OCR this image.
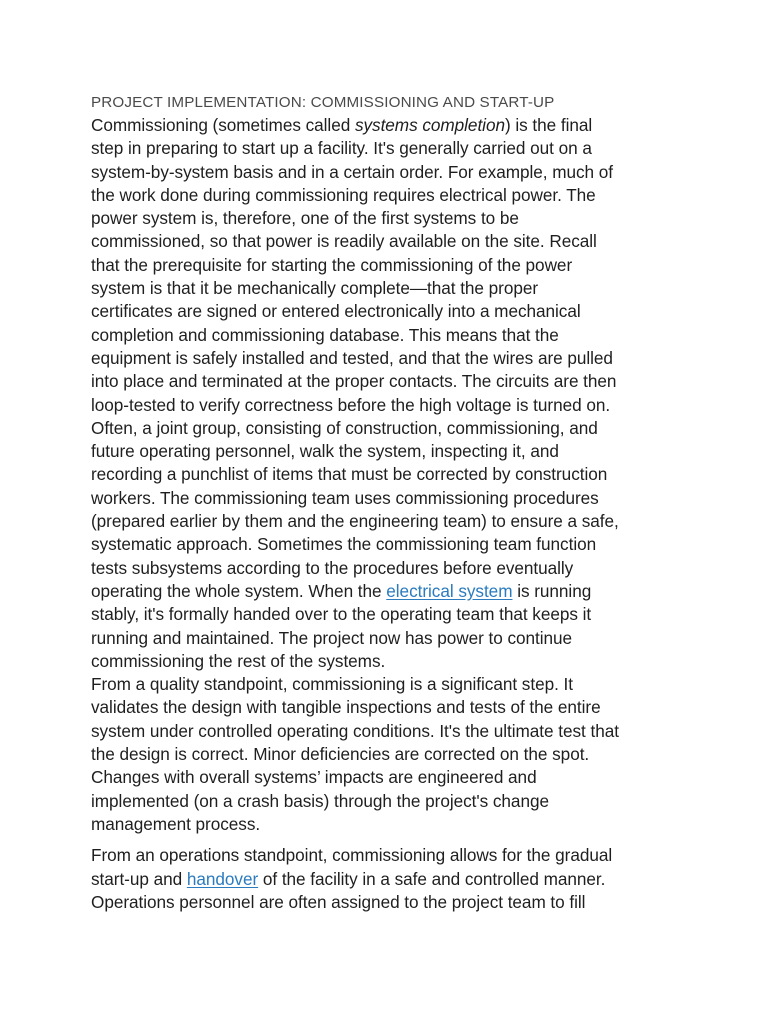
PROJECT IMPLEMENTATION: COMMISSIONING AND START-UP

Commissioning (sometimes called systems completion) is the final
step in preparing to start up a facility. It's generally carried out on a
system-by-system basis and in a certain order. For example, much of
the work done during commissioning requires electrical power. The
power system is, therefore, one of the first systems to be
commissioned, so that power is readily available on the site. Recall
that the prerequisite for starting the commissioning of the power
system is that it be mechanically complete—that the proper
certificates are signed or entered electronically into a mechanical
completion and commissioning database. This means that the
equipment is safely installed and tested, and that the wires are pulled
into place and terminated at the proper contacts. The circuits are then
loop-tested to verify correctness before the high voltage is turned on.
Often, a joint group, consisting of construction, commissioning, and
future operating personnel, walk the system, inspecting it, and
recording a punchlist of items that must be corrected by construction
workers. The commissioning team uses commissioning procedures
(prepared earlier by them and the engineering team) to ensure a safe,
systematic approach. Sometimes the commissioning team function
tests subsystems according to the procedures before eventually
operating the whole system. When the electrical system is running
stably, it's formally handed over to the operating team that keeps it
running and maintained. The project now has power to continue
commissioning the rest of the systems.

From a quality standpoint, commissioning is a significant step. It
validates the design with tangible inspections and tests of the entire
system under controlled operating conditions. It's the ultimate test that
the design is correct. Minor deficiencies are corrected on the spot.
Changes with overall systems’ impacts are engineered and
implemented (on a crash basis) through the project's change
management process.

From an operations standpoint, commissioning allows for the gradual
start-up and handover of the facility in a safe and controlled manner.
Operations personnel are often assigned to the project team to fill
